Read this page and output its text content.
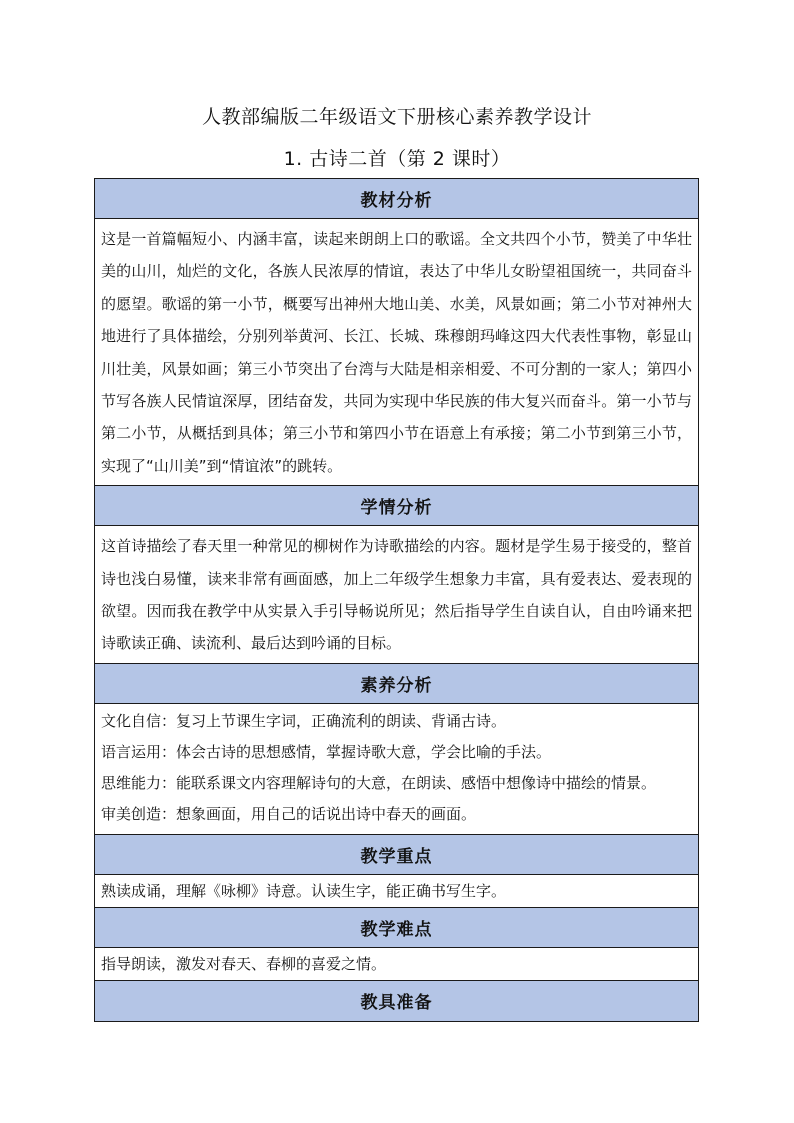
人教部编版二年级语文下册核心素养教学设计
1. 古诗二首（第 2 课时）
教材分析

这是一首篇幅短小、内涵丰富，读起来朗朗上口的歌谣。全文共四个小节，赞美了中华壮美的山川，灿烂的文化，各族人民浓厚的情谊，表达了中华儿女盼望祖国统一，共同奋斗的愿望。歌谣的第一小节，概要写出神州大地山美、水美，风景如画；第二小节对神州大地进行了具体描绘，分别列举黄河、长江、长城、珠穆朗玛峰这四大代表性事物，彰显山川壮美，风景如画；第三小节突出了台湾与大陆是相亲相爱、不可分割的一家人；第四小节写各族人民情谊深厚，团结奋发，共同为实现中华民族的伟大复兴而奋斗。第一小节与第二小节，从概括到具体；第三小节和第四小节在语意上有承接；第二小节到第三小节，实现了“山川美”到“情谊浓”的跳转。

学情分析

这首诗描绘了春天里一种常见的柳树作为诗歌描绘的内容。题材是学生易于接受的，整首诗也浅白易懂，读来非常有画面感，加上二年级学生想象力丰富，具有爱表达、爱表现的欲望。因而我在教学中从实景入手引导畅说所见；然后指导学生自读自认，自由吟诵来把诗歌读正确、读流利、最后达到吟诵的目标。

素养分析

文化自信：复习上节课生字词，正确流利的朗读、背诵古诗。
语言运用：体会古诗的思想感情，掌握诗歌大意，学会比喻的手法。
思维能力：能联系课文内容理解诗句的大意，在朗读、感悟中想像诗中描绘的情景。
审美创造：想象画面，用自己的话说出诗中春天的画面。

教学重点
熟读成诵，理解《咏柳》诗意。认读生字，能正确书写生字。
教学难点
指导朗读，激发对春天、春柳的喜爱之情。
教具准备
